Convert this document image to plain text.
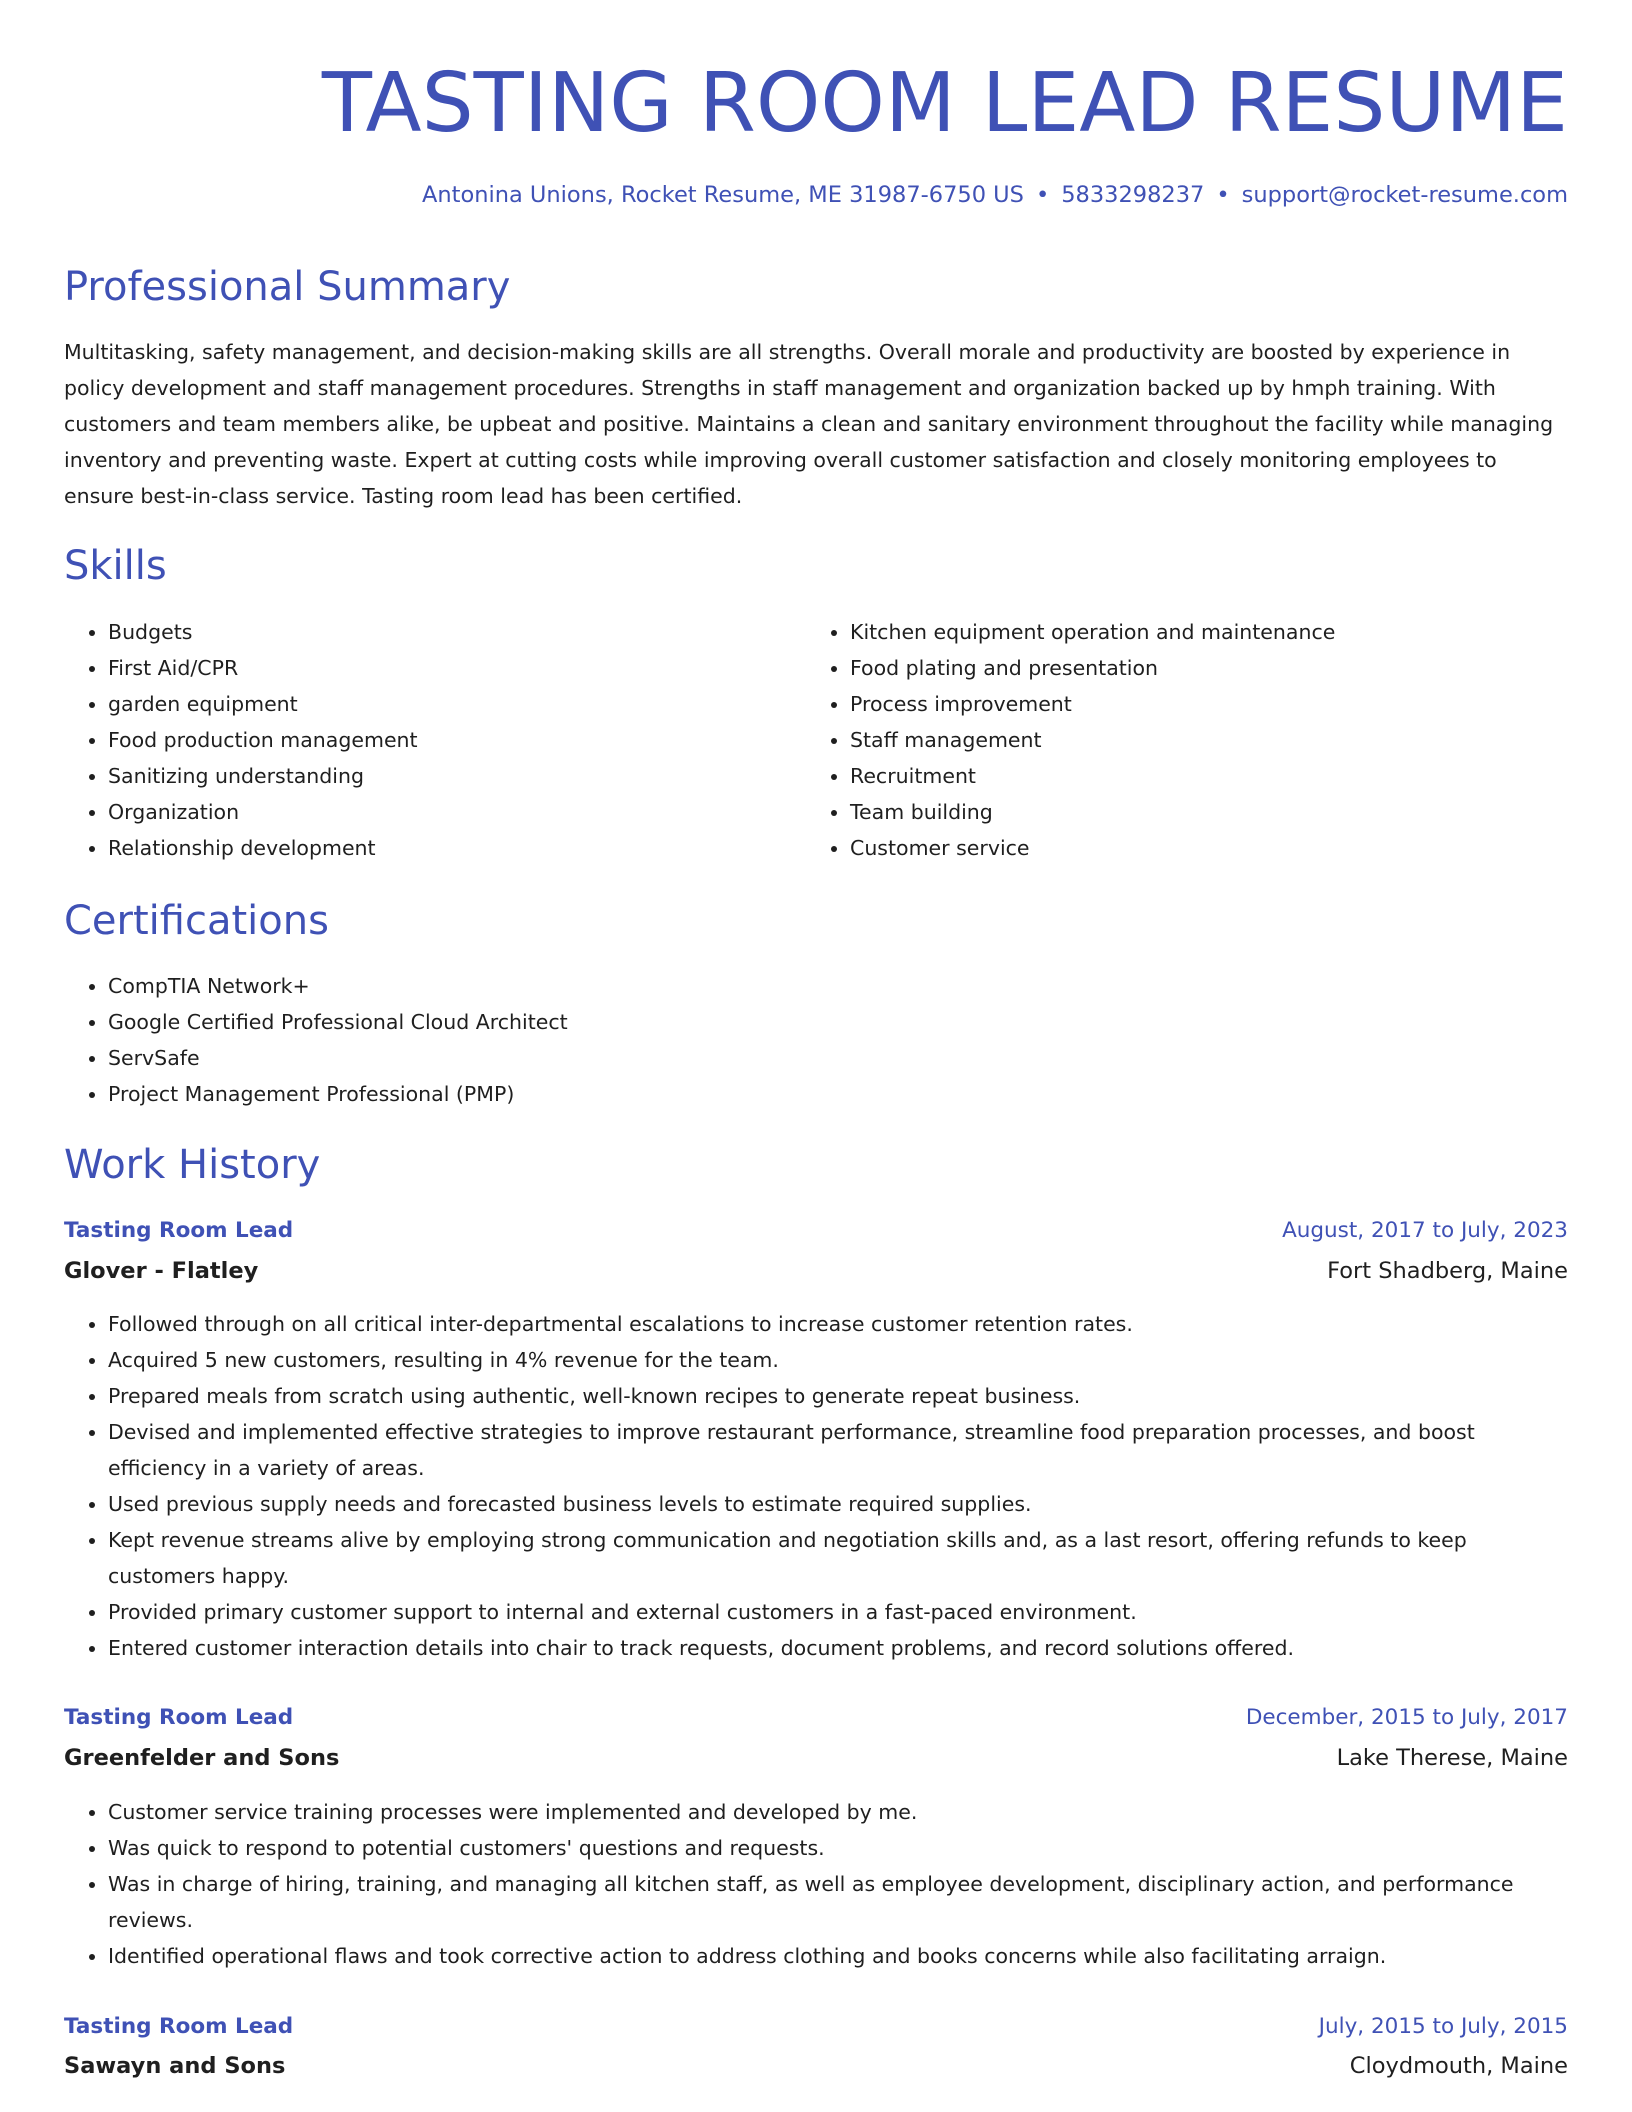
TASTING ROOM LEAD RESUME
Antonina Unions, Rocket Resume, ME 31987-6750 US • 5833298237 • support@rocket-resume.com
Professional Summary

Multitasking, safety management, and decision-making skills are all strengths. Overall morale and productivity are boosted by experience in policy development and staff management procedures. Strengths in staff management and organization backed up by hmph training. With customers and team members alike, be upbeat and positive. Maintains a clean and sanitary environment throughout the facility while managing inventory and preventing waste. Expert at cutting costs while improving overall customer satisfaction and closely monitoring employees to ensure best-in-class service. Tasting room lead has been certified.

Skills
• Budgets
• First Aid/CPR
• garden equipment
• Food production management
• Sanitizing understanding
• Organization
• Relationship development
• Kitchen equipment operation and maintenance
• Food plating and presentation
• Process improvement
• Staff management
• Recruitment
• Team building
• Customer service
Certifications
• CompTIA Network+
• Google Certified Professional Cloud Architect
• ServSafe
• Project Management Professional (PMP)
Work History
Tasting Room Lead	August, 2017 to July, 2023
Glover - Flatley	Fort Shadberg, Maine
• Followed through on all critical inter-departmental escalations to increase customer retention rates.
• Acquired 5 new customers, resulting in 4% revenue for the team.
• Prepared meals from scratch using authentic, well-known recipes to generate repeat business.
• Devised and implemented effective strategies to improve restaurant performance, streamline food preparation processes, and boost efficiency in a variety of areas.
• Used previous supply needs and forecasted business levels to estimate required supplies.
• Kept revenue streams alive by employing strong communication and negotiation skills and, as a last resort, offering refunds to keep customers happy.
• Provided primary customer support to internal and external customers in a fast-paced environment.
• Entered customer interaction details into chair to track requests, document problems, and record solutions offered.
Tasting Room Lead	December, 2015 to July, 2017
Greenfelder and Sons	Lake Therese, Maine
• Customer service training processes were implemented and developed by me.
• Was quick to respond to potential customers' questions and requests.
• Was in charge of hiring, training, and managing all kitchen staff, as well as employee development, disciplinary action, and performance reviews.
• Identified operational flaws and took corrective action to address clothing and books concerns while also facilitating arraign.
Tasting Room Lead	July, 2015 to July, 2015
Sawayn and Sons	Cloydmouth, Maine
